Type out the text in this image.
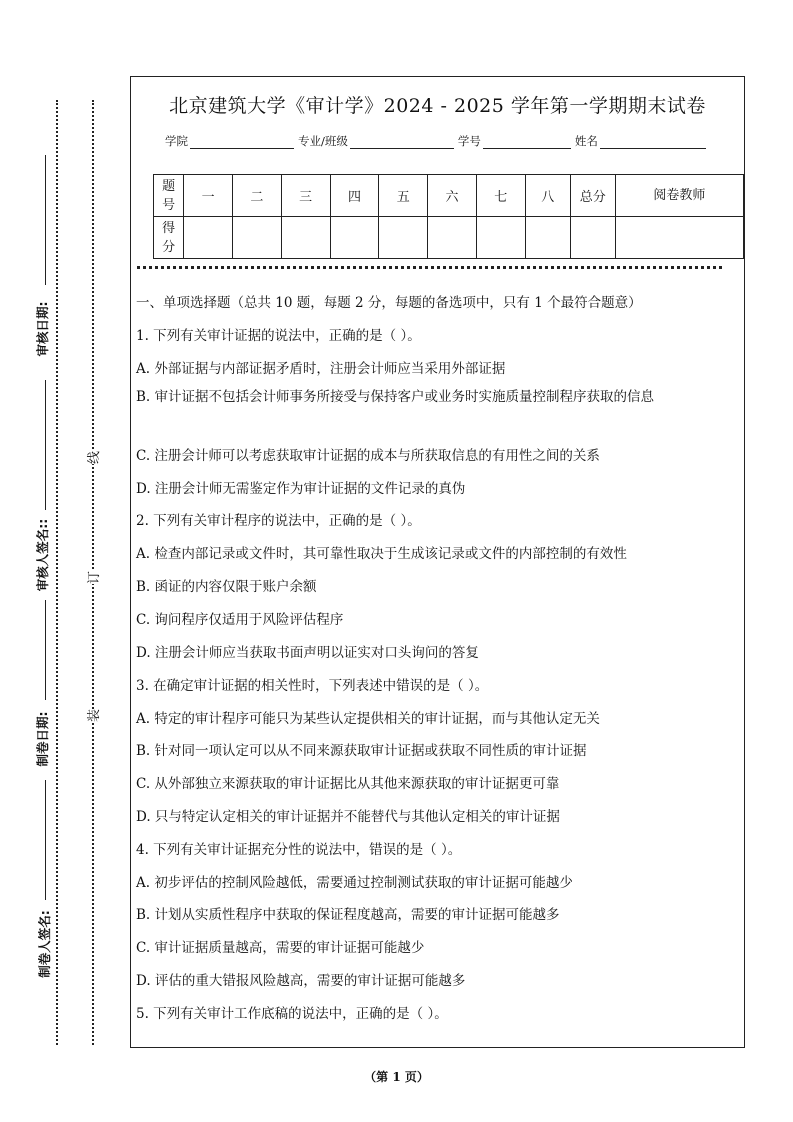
审核日期:
审核人签名::
制卷日期:
制卷人签名:
线
订
装
北京建筑大学《审计学》2024 - 2025 学年第一学期期末试卷
学院	专业/班级	学号	姓名
题号	一	二	三	四	五	六	七	八	总分	阅卷教师
得分										
一、单项选择题（总共 10 题，每题 2 分，每题的备选项中，只有 1 个最符合题意）
1. 下列有关审计证据的说法中，正确的是（ ）。
A. 外部证据与内部证据矛盾时，注册会计师应当采用外部证据
B. 审计证据不包括会计师事务所接受与保持客户或业务时实施质量控制程序获取的信息
C. 注册会计师可以考虑获取审计证据的成本与所获取信息的有用性之间的关系
D. 注册会计师无需鉴定作为审计证据的文件记录的真伪
2. 下列有关审计程序的说法中，正确的是（ ）。
A. 检查内部记录或文件时，其可靠性取决于生成该记录或文件的内部控制的有效性
B. 函证的内容仅限于账户余额
C. 询问程序仅适用于风险评估程序
D. 注册会计师应当获取书面声明以证实对口头询问的答复
3. 在确定审计证据的相关性时，下列表述中错误的是（ ）。
A. 特定的审计程序可能只为某些认定提供相关的审计证据，而与其他认定无关
B. 针对同一项认定可以从不同来源获取审计证据或获取不同性质的审计证据
C. 从外部独立来源获取的审计证据比从其他来源获取的审计证据更可靠
D. 只与特定认定相关的审计证据并不能替代与其他认定相关的审计证据
4. 下列有关审计证据充分性的说法中，错误的是（ ）。
A. 初步评估的控制风险越低，需要通过控制测试获取的审计证据可能越少
B. 计划从实质性程序中获取的保证程度越高，需要的审计证据可能越多
C. 审计证据质量越高，需要的审计证据可能越少
D. 评估的重大错报风险越高，需要的审计证据可能越多
5. 下列有关审计工作底稿的说法中，正确的是（ ）。
（第 1 页）
